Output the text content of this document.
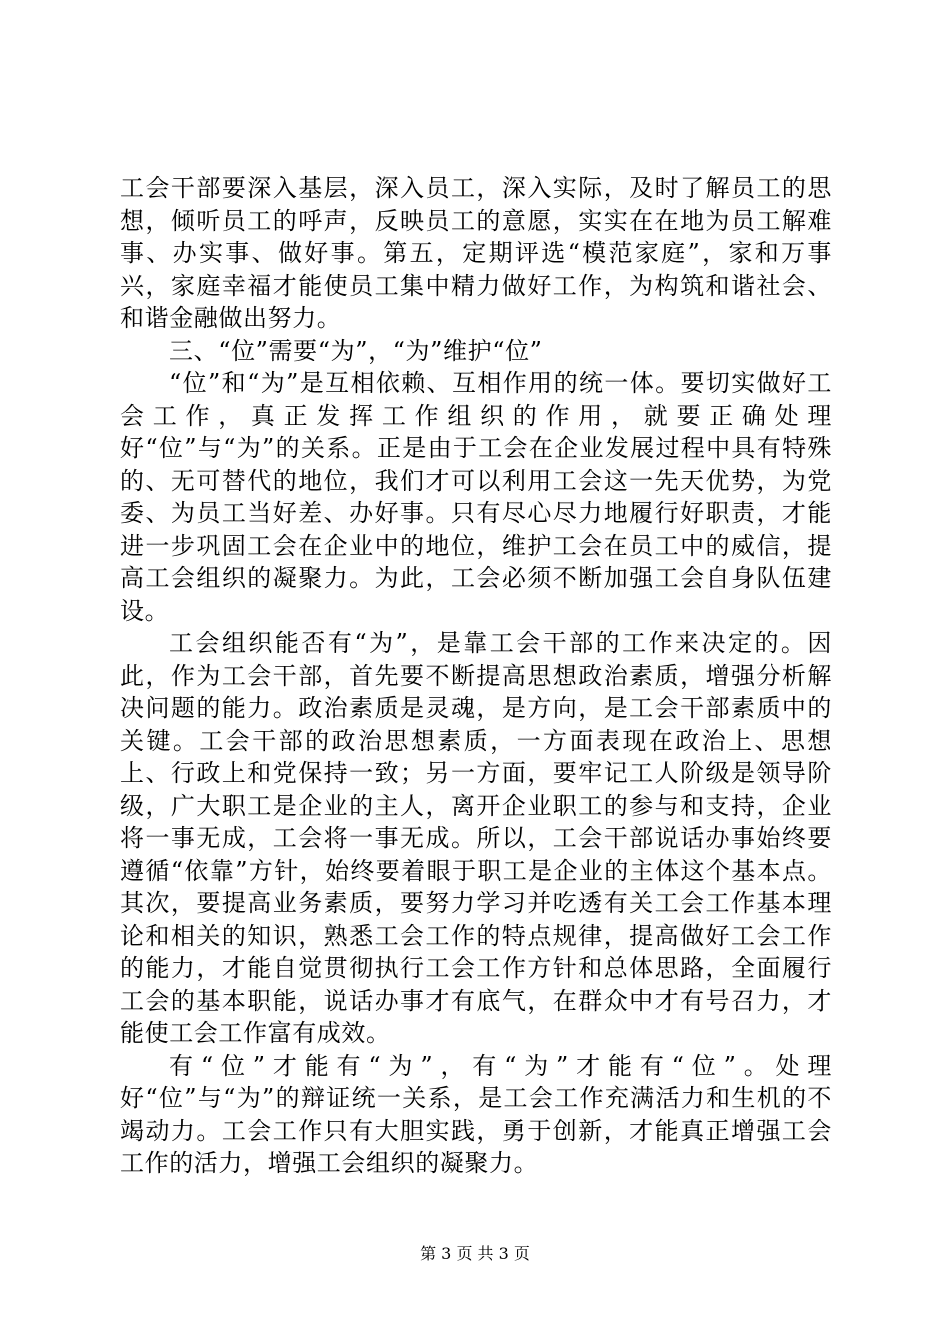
工会干部要深入基层，深入员工，深入实际，及时了解员工的思想，倾听员工的呼声，反映员工的意愿，实实在在地为员工解难事、办实事、做好事。第五，定期评选“模范家庭”，家和万事兴，家庭幸福才能使员工集中精力做好工作，为构筑和谐社会、和谐金融做出努力。

三、“位”需要“为”，“为”维护“位”

“位”和“为”是互相依赖、互相作用的统一体。要切实做好工会工作，真正发挥工作组织的作用，就要正确处理好“位”与“为”的关系。正是由于工会在企业发展过程中具有特殊的、无可替代的地位，我们才可以利用工会这一先天优势，为党委、为员工当好差、办好事。只有尽心尽力地履行好职责，才能进一步巩固工会在企业中的地位，维护工会在员工中的威信，提高工会组织的凝聚力。为此，工会必须不断加强工会自身队伍建设。

工会组织能否有“为”，是靠工会干部的工作来决定的。因此，作为工会干部，首先要不断提高思想政治素质，增强分析解决问题的能力。政治素质是灵魂，是方向，是工会干部素质中的关键。工会干部的政治思想素质，一方面表现在政治上、思想上、行政上和党保持一致；另一方面，要牢记工人阶级是领导阶级，广大职工是企业的主人，离开企业职工的参与和支持，企业将一事无成，工会将一事无成。所以，工会干部说话办事始终要遵循“依靠”方针，始终要着眼于职工是企业的主体这个基本点。其次，要提高业务素质，要努力学习并吃透有关工会工作基本理论和相关的知识，熟悉工会工作的特点规律，提高做好工会工作的能力，才能自觉贯彻执行工会工作方针和总体思路，全面履行工会的基本职能，说话办事才有底气，在群众中才有号召力，才能使工会工作富有成效。

有“位”才能有“为”，有“为”才能有“位”。处理好“位”与“为”的辩证统一关系，是工会工作充满活力和生机的不竭动力。工会工作只有大胆实践，勇于创新，才能真正增强工会工作的活力，增强工会组织的凝聚力。

第 3 页 共 3 页
